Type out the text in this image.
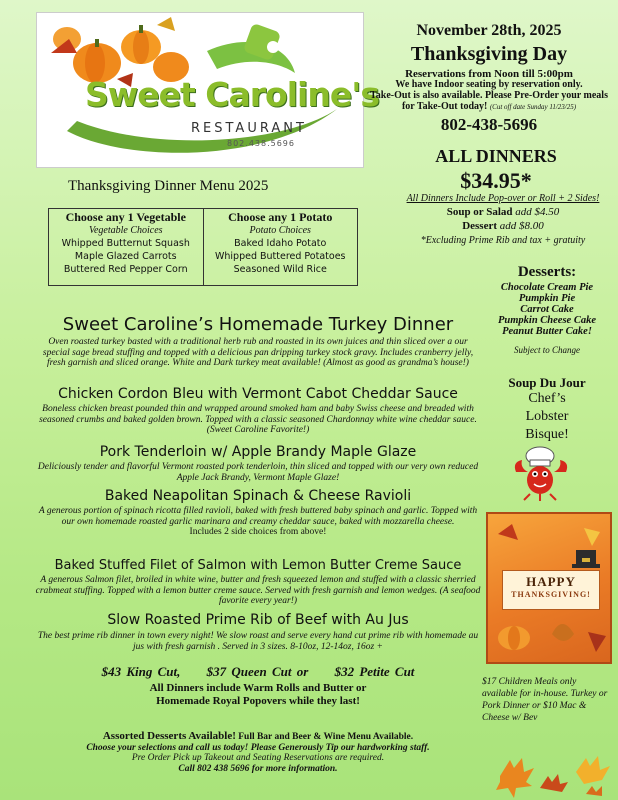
Sweet Caroline's
RESTAURANT
802.438.5696
November 28th, 2025
Thanksgiving Day
Reservations from Noon till 5:00pm
We have Indoor seating by reservation only.
Take-Out is also available. Please Pre-Order your meals for Take-Out today! (Cut off date Sunday 11/23/25)
802-438-5696
ALL DINNERS
$34.95*
All Dinners Include Pop-over or Roll + 2 Sides!
Soup or Salad add $4.50
Dessert add $8.00
*Excluding Prime Rib and tax + gratuity
Thanksgiving Dinner Menu 2025
Choose any 1 Vegetable
Vegetable Choices
Whipped Butternut Squash
Maple Glazed Carrots
Buttered Red Pepper Corn
Choose any 1 Potato
Potato Choices
Baked Idaho Potato
Whipped Buttered Potatoes
Seasoned Wild Rice	Desserts:
Chocolate Cream Pie
Pumpkin Pie
Carrot Cake
Pumpkin Cheese Cake
Peanut Butter Cake!
Subject to Change
Soup Du Jour
Chef’s
Lobster
Bisque!
HAPPY
THANKSGIVING!
$17 Children Meals only available for in-house. Turkey or Pork Dinner or $10 Mac & Cheese w/ Bev
Sweet Caroline’s Homemade Turkey Dinner

Oven roasted turkey basted with a traditional herb rub and roasted in its own juices and thin sliced over a our special sage bread stuffing and topped with a delicious pan dripping turkey stock gravy. Includes cranberry jelly, fresh garnish and sliced orange. White and Dark turkey meat available! (Almost as good as grandma’s house!)

Chicken Cordon Bleu with Vermont Cabot Cheddar Sauce

Boneless chicken breast pounded thin and wrapped around smoked ham and baby Swiss cheese and breaded with seasoned crumbs and baked golden brown. Topped with a classic seasoned Chardonnay white wine cheddar sauce. (Sweet Caroline Favorite!)

Pork Tenderloin w/ Apple Brandy Maple Glaze

Deliciously tender and flavorful Vermont roasted pork tenderloin, thin sliced and topped with our very own reduced Apple Jack Brandy, Vermont Maple Glaze!

Baked Neapolitan Spinach & Cheese Ravioli

A generous portion of spinach ricotta filled ravioli, baked with fresh buttered baby spinach and garlic. Topped with our own homemade roasted garlic marinara and creamy cheddar sauce, baked with mozzarella cheese.

Includes 2 side choices from above!

Baked Stuffed Filet of Salmon with Lemon Butter Creme Sauce

A generous Salmon filet, broiled in white wine, butter and fresh squeezed lemon and stuffed with a classic sherried crabmeat stuffing. Topped with a lemon butter creme sauce. Served with fresh garnish and lemon wedges. (A seafood favorite every year!)

Slow Roasted Prime Rib of Beef with Au Jus

The best prime rib dinner in town every night! We slow roast and serve every hand cut prime rib with homemade au jus with fresh garnish . Served in 3 sizes. 8-10oz, 12-14oz, 16oz +

$43 King Cut, $37 Queen Cut or $32 Petite Cut
All Dinners include Warm Rolls and Butter or
Homemade Royal Popovers while they last!
Assorted Desserts Available! Full Bar and Beer & Wine Menu Available.
Choose your selections and call us today! Please Generously Tip our hardworking staff.
Pre Order Pick up Takeout and Seating Reservations are required.
Call 802 438 5696 for more information.
